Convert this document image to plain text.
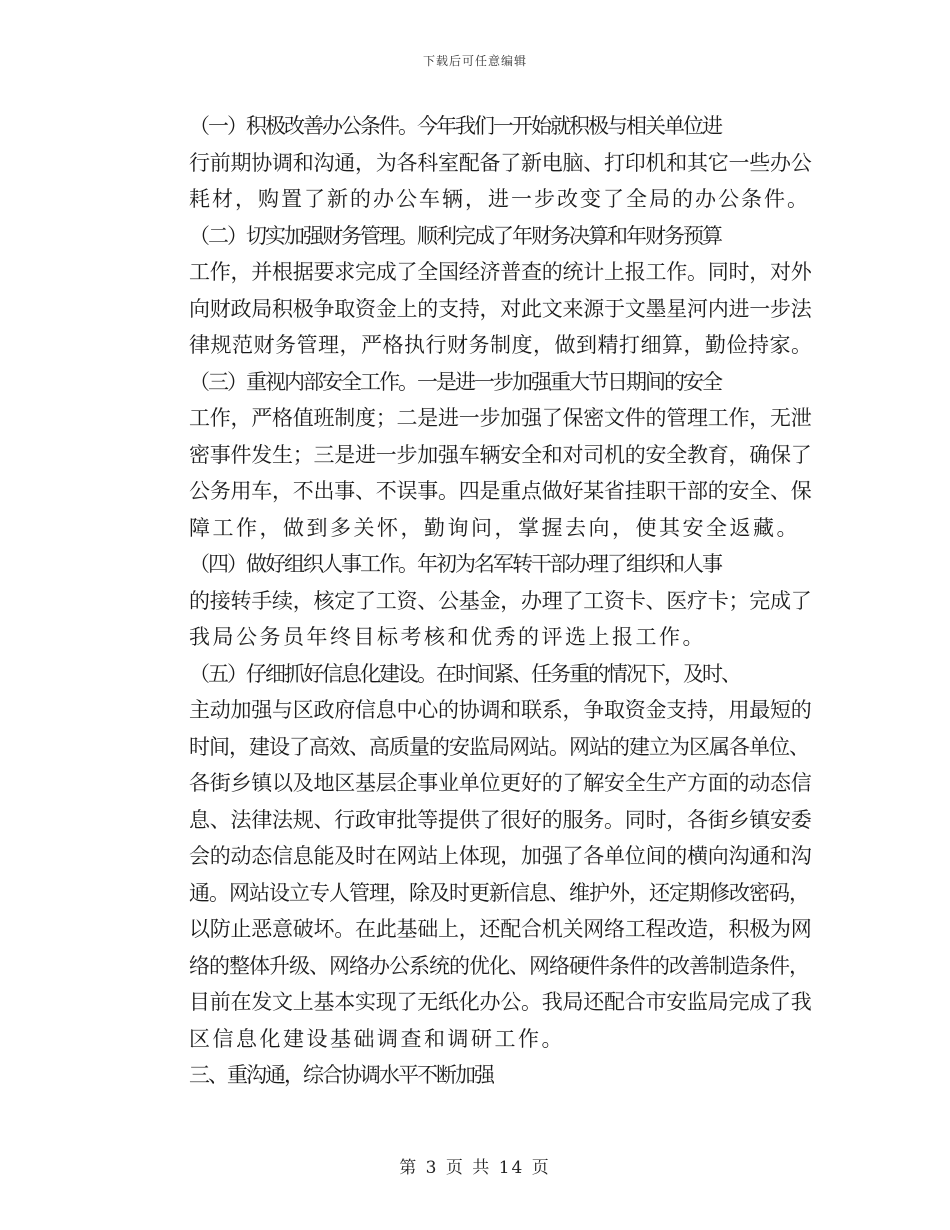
下载后可任意编辑

（一）积极改善办公条件。今年我们一开始就积极与相关单位进
行前期协调和沟通，为各科室配备了新电脑、打印机和其它一些办公
耗材，购置了新的办公车辆，进一步改变了全局的办公条件。

（二）切实加强财务管理。顺利完成了年财务决算和年财务预算
工作，并根据要求完成了全国经济普查的统计上报工作。同时，对外
向财政局积极争取资金上的支持，对此文来源于文墨星河内进一步法
律规范财务管理，严格执行财务制度，做到精打细算，勤俭持家。

（三）重视内部安全工作。一是进一步加强重大节日期间的安全
工作，严格值班制度；二是进一步加强了保密文件的管理工作，无泄
密事件发生；三是进一步加强车辆安全和对司机的安全教育，确保了
公务用车，不出事、不误事。四是重点做好某省挂职干部的安全、保
障工作，做到多关怀，勤询问，掌握去向，使其安全返藏。

（四）做好组织人事工作。年初为名军转干部办理了组织和人事
的接转手续，核定了工资、公基金，办理了工资卡、医疗卡；完成了
我局公务员年终目标考核和优秀的评选上报工作。

（五）仔细抓好信息化建设。在时间紧、任务重的情况下，及时、
主动加强与区政府信息中心的协调和联系，争取资金支持，用最短的
时间，建设了高效、高质量的安监局网站。网站的建立为区属各单位、
各街乡镇以及地区基层企事业单位更好的了解安全生产方面的动态信
息、法律法规、行政审批等提供了很好的服务。同时，各街乡镇安委
会的动态信息能及时在网站上体现，加强了各单位间的横向沟通和沟
通。网站设立专人管理，除及时更新信息、维护外，还定期修改密码，
以防止恶意破坏。在此基础上，还配合机关网络工程改造，积极为网
络的整体升级、网络办公系统的优化、网络硬件条件的改善制造条件，
目前在发文上基本实现了无纸化办公。我局还配合市安监局完成了我
区信息化建设基础调查和调研工作。

三、重沟通，综合协调水平不断加强

第 3 页 共 14 页
